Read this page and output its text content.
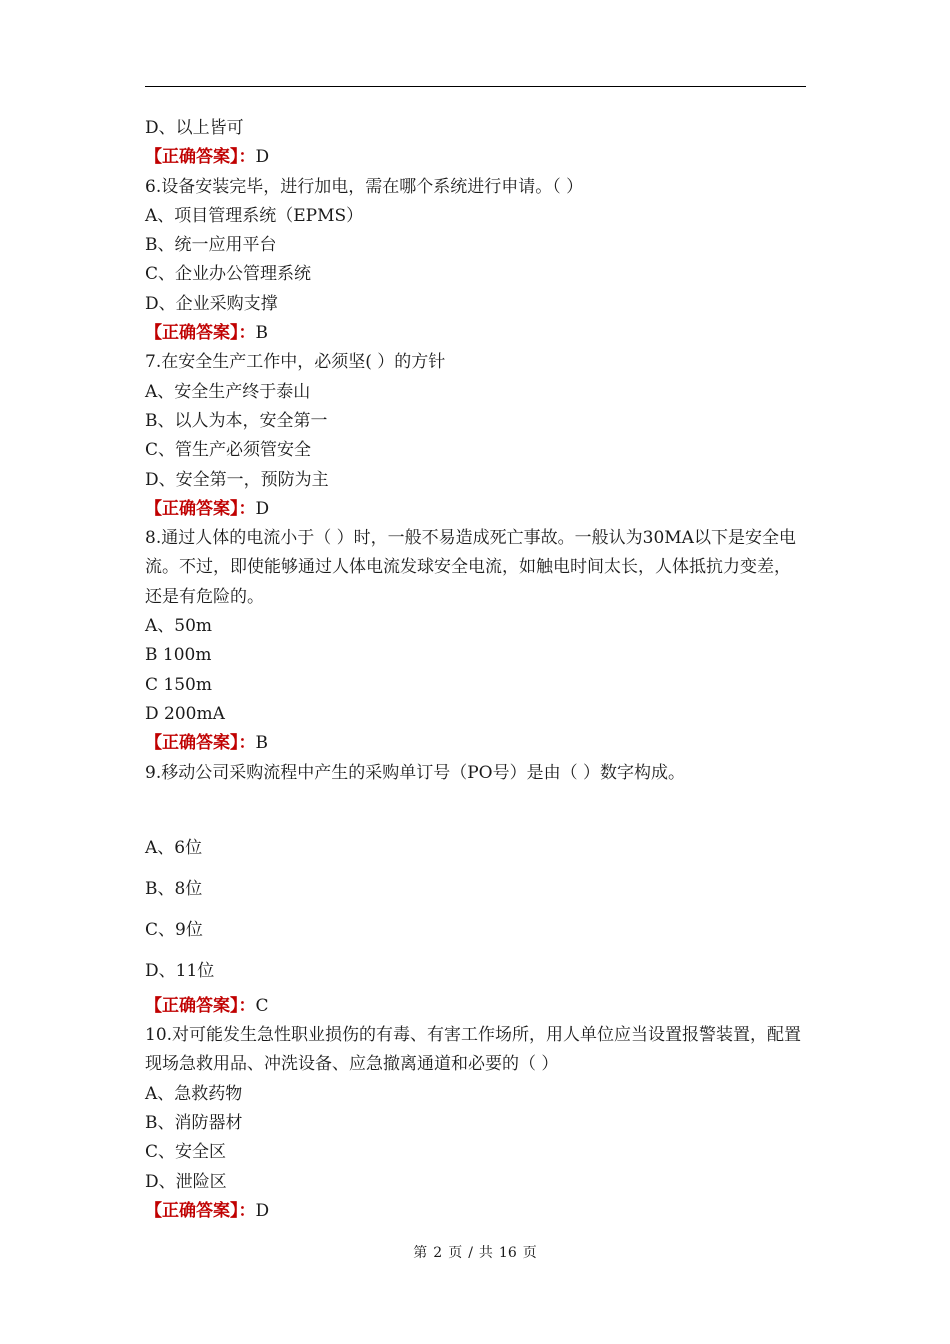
D、以上皆可
【正确答案】：D
6.设备安装完毕，进行加电，需在哪个系统进行申请。（ ）
A、项目管理系统（EPMS）
B、统一应用平台
C、企业办公管理系统
D、企业采购支撑
【正确答案】：B
7.在安全生产工作中，必须坚( ）的方针
A、安全生产终于泰山
B、以人为本，安全第一
C、管生产必须管安全
D、安全第一，预防为主
【正确答案】：D
8.通过人体的电流小于（ ）时，一般不易造成死亡事故。一般认为30MA以下是安全电流。不过，即使能够通过人体电流发球安全电流，如触电时间太长，人体抵抗力变差，还是有危险的。
A、50m
B 100m
C 150m
D 200mA
【正确答案】：B
9.移动公司采购流程中产生的采购单订号（PO号）是由（ ）数字构成。
A、6位
B、8位
C、9位
D、11位
【正确答案】：C
10.对可能发生急性职业损伤的有毒、有害工作场所，用人单位应当设置报警装置，配置现场急救用品、冲洗设备、应急撤离通道和必要的（ ）
A、急救药物
B、消防器材
C、安全区
D、泄险区
【正确答案】：D
第 2 页 / 共 16 页
